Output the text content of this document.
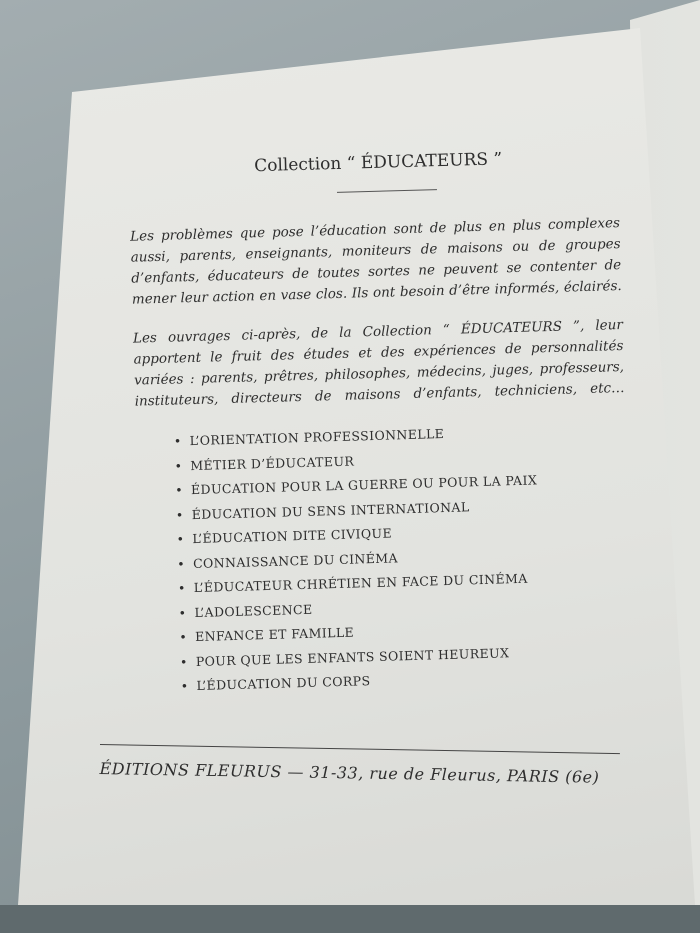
Collection “ ÉDUCATEURS ”

Les problèmes que pose l’éducation sont de plus en plus complexes aussi, parents, enseignants, moniteurs de maisons ou de groupes d’enfants, éducateurs de toutes sortes ne peuvent se contenter de mener leur action en vase clos. Ils ont besoin d’être informés, éclairés.

Les ouvrages ci-après, de la Collection “ ÉDUCATEURS ”, leur apportent le fruit des études et des expériences de personnalités variées : parents, prêtres, philosophes, médecins, juges, professeurs, instituteurs, directeurs de maisons d’enfants, techniciens, etc…

• L’ORIENTATION PROFESSIONNELLE
• MÉTIER D’ÉDUCATEUR
• ÉDUCATION POUR LA GUERRE OU POUR LA PAIX
• ÉDUCATION DU SENS INTERNATIONAL
• L’ÉDUCATION DITE CIVIQUE
• CONNAISSANCE DU CINÉMA
• L’ÉDUCATEUR CHRÉTIEN EN FACE DU CINÉMA
• L’ADOLESCENCE
• ENFANCE ET FAMILLE
• POUR QUE LES ENFANTS SOIENT HEUREUX
• L’ÉDUCATION DU CORPS
ÉDITIONS FLEURUS — 31-33, rue de Fleurus, PARIS (6e)
